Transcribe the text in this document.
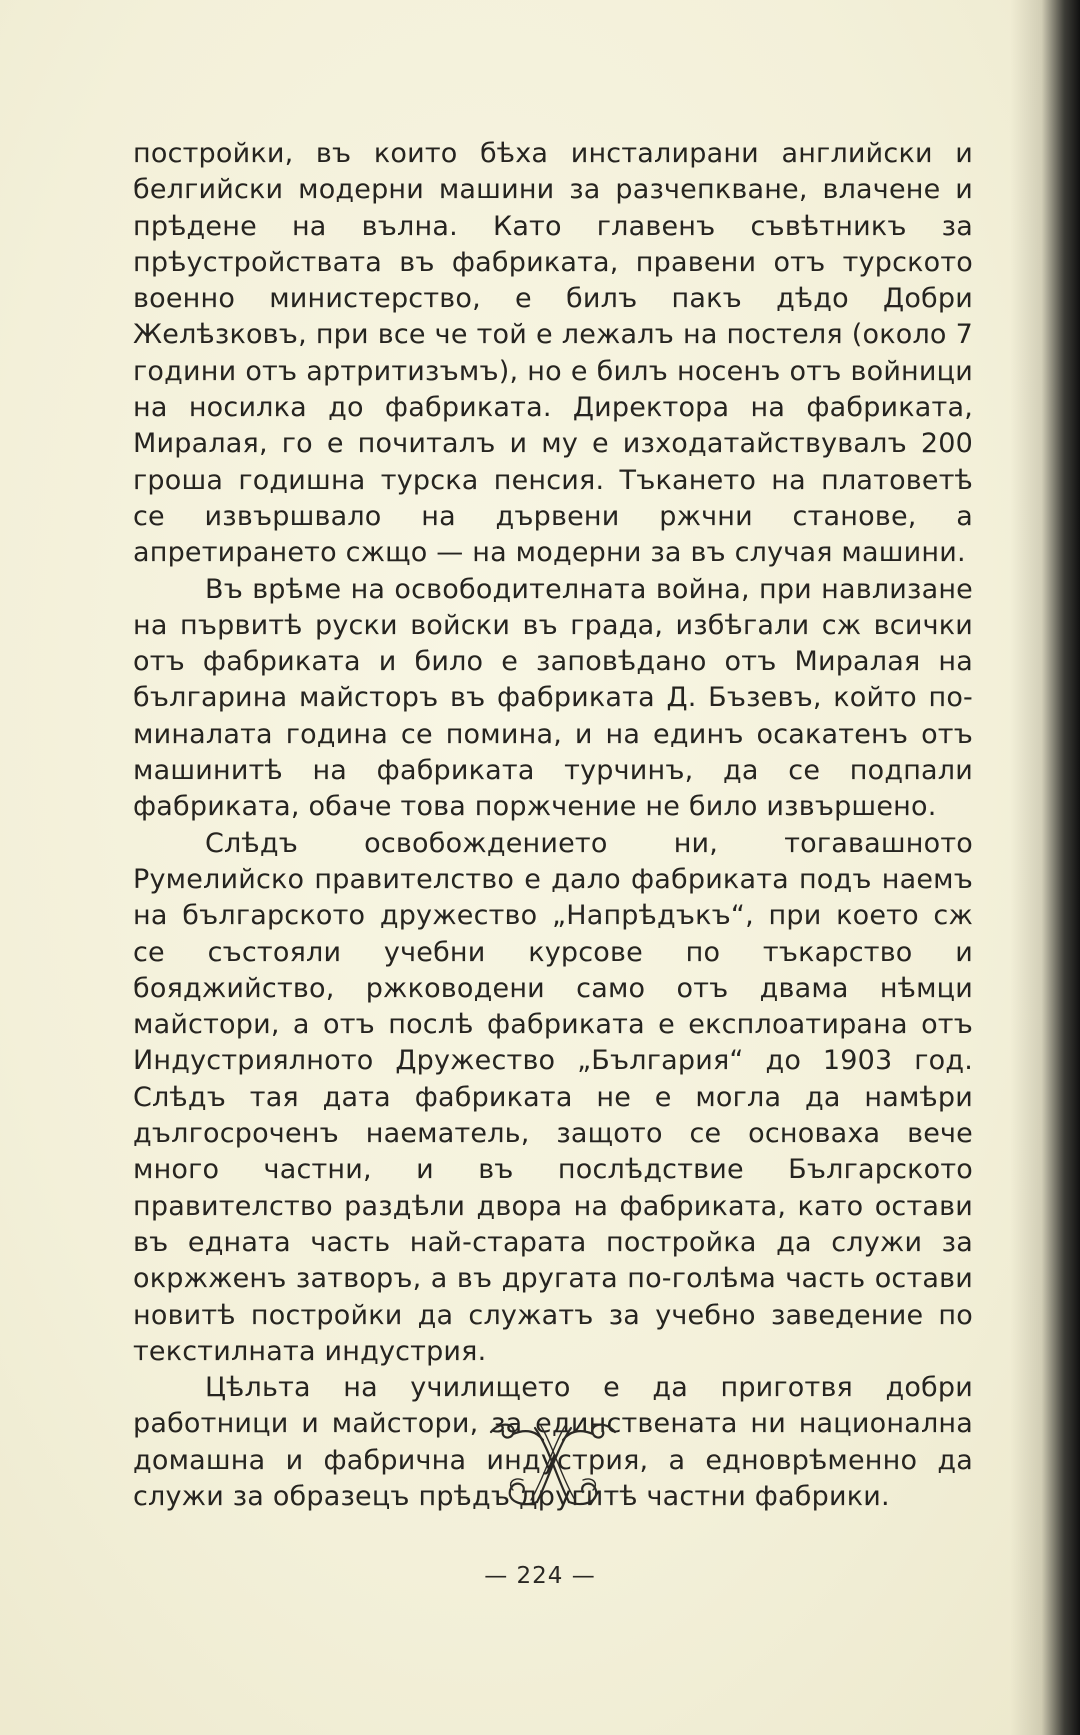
постройки, въ които бѣха инсталирани английски и белгийски модерни машини за разчепкване, влачене и прѣдене на вълна. Като главенъ съвѣтникъ за прѣустройствата въ фабриката, правени отъ турското военно министерство, е билъ пакъ дѣдо Добри Желѣзковъ, при все че той е лежалъ на постеля (около 7 години отъ артритизъмъ), но е билъ носенъ отъ войници на носилка до фабриката. Директора на фабриката, Миралая, го е почиталъ и му е изходатайствувалъ 200 гроша годишна турска пенсия. Тъканeто на платоветѣ се извършвало на дървени ржчни станове, а апретирането сжщо — на модерни за въ случая машини.

Въ врѣме на освободителната война, при навлизане на първитѣ руски войски въ града, избѣгали сж всички отъ фабриката и било е заповѣдано отъ Миралая на българина майсторъ въ фабриката Д. Бъзевъ, който по-миналата година се помина, и на единъ осакатенъ отъ машинитѣ на фабриката турчинъ, да се подпали фабриката, обаче това поржчение не било извършено.

Слѣдъ освобождението ни, тогавашното Румелийско правителство е дало фабриката подъ наемъ на българското дружество „Напрѣдъкъ“, при което сж се състояли учебни курсове по тъкарство и бояджийство, ржководени само отъ двама нѣмци майстори, а отъ послѣ фабриката е експлоатирана отъ Индустриялното Дружество „България“ до 1903 год. Слѣдъ тая дата фабриката не е могла да намѣри дългосроченъ наематель, защото се основаха вече много частни, и въ послѣдствие Българското правителство раздѣли двора на фабриката, като остави въ едната часть най-старата постройка да служи за окржженъ затворъ, а въ другата по-голѣма часть остави новитѣ постройки да служатъ за учебно заведение по текстилната индустрия.

Цѣльта на училището е да приготвя добри работници и майстори, за единствената ни национална домашна и фабрична индустрия, а едноврѣменно да служи за образецъ прѣдъ другитѣ частни фабрики.

— 224 —
